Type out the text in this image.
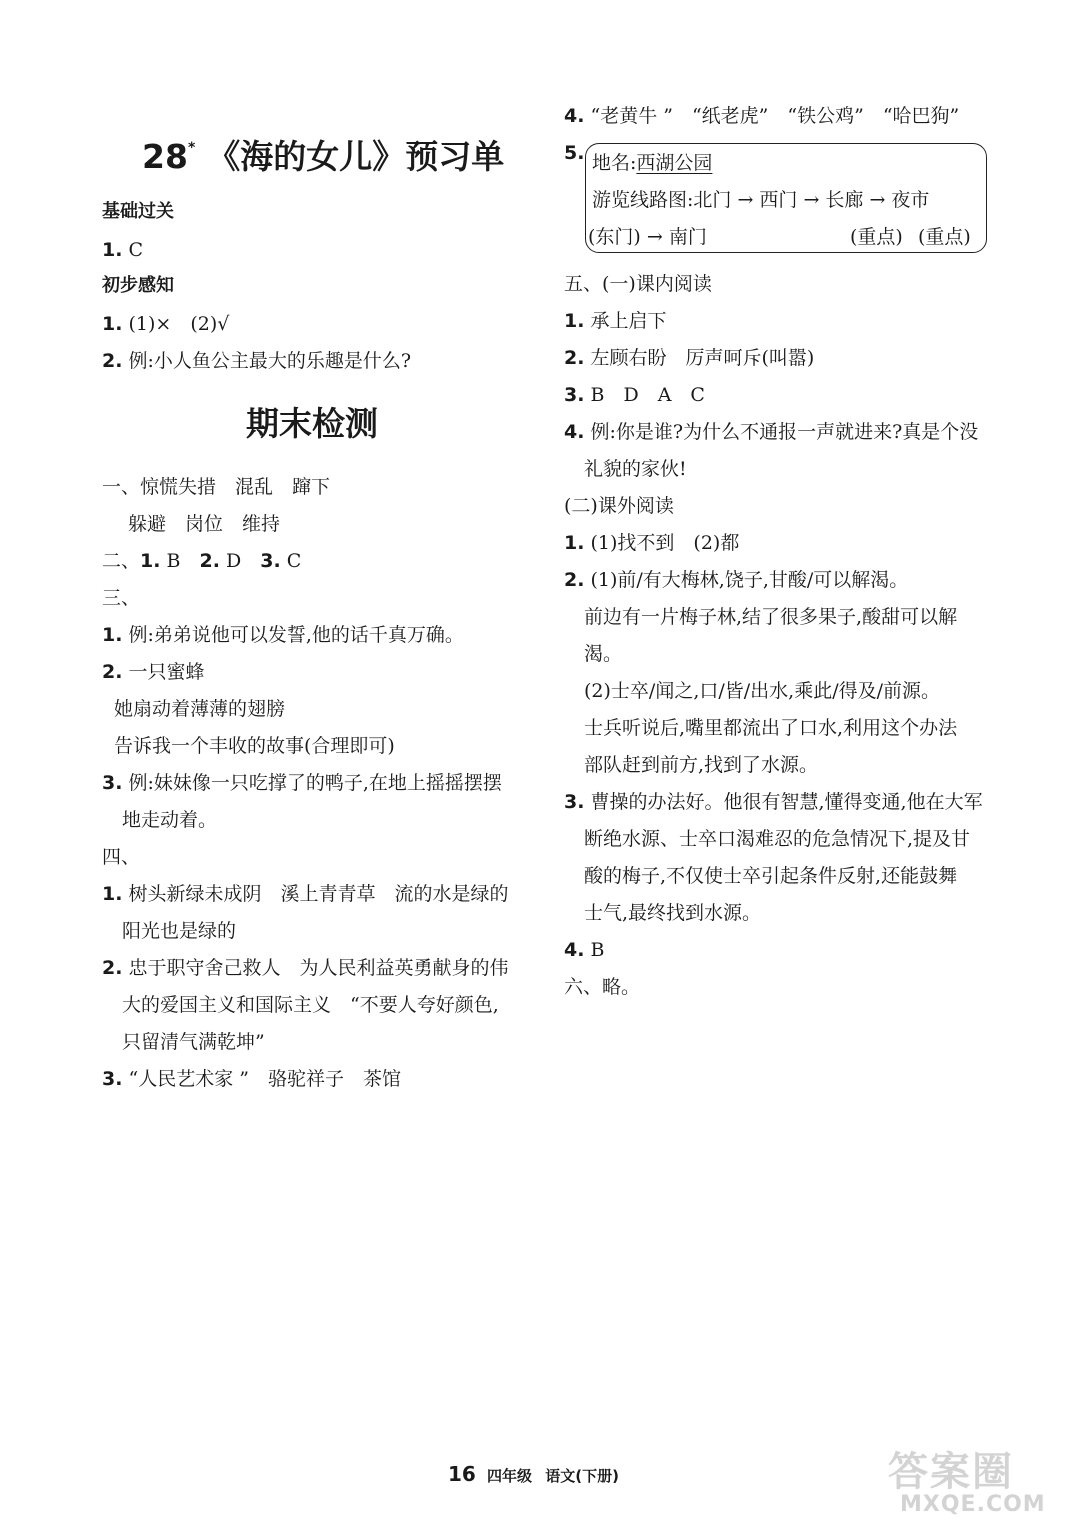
28* 《海的女儿》预习单
基础过关
1. C
初步感知
1. (1)×　(2)√
2. 例:小人鱼公主最大的乐趣是什么?
期末检测
一、惊慌失措　混乱　蹿下
躲避　岗位　维持
二、1. B　2. D　3. C
三、
1. 例:弟弟说他可以发誓,他的话千真万确。
2. 一只蜜蜂
她扇动着薄薄的翅膀
告诉我一个丰收的故事(合理即可)
3. 例:妹妹像一只吃撑了的鸭子,在地上摇摇摆摆
地走动着。
四、
1. 树头新绿未成阴　溪上青青草　流的水是绿的
阳光也是绿的
2. 忠于职守舍己救人　为人民利益英勇献身的伟
大的爱国主义和国际主义　“不要人夸好颜色,
只留清气满乾坤”
3. “人民艺术家 ”　骆驼祥子　茶馆
4. “老黄牛 ”　“纸老虎”　“铁公鸡”　“哈巴狗”
5. 地名:西湖公园
游览线路图:北门 → 西门 → 长廊 → 夜市
(东门) → 南门	(重点) (重点)
五、(一)课内阅读
1. 承上启下
2. 左顾右盼　厉声呵斥(叫嚣)
3. B　D　A　C
4. 例:你是谁?为什么不通报一声就进来?真是个没
礼貌的家伙!
(二)课外阅读
1. (1)找不到　(2)都
2. (1)前/有大梅林,饶子,甘酸/可以解渴。
前边有一片梅子林,结了很多果子,酸甜可以解
渴。
(2)士卒/闻之,口/皆/出水,乘此/得及/前源。
士兵听说后,嘴里都流出了口水,利用这个办法
部队赶到前方,找到了水源。
3. 曹操的办法好。他很有智慧,懂得变通,他在大军
断绝水源、士卒口渴难忍的危急情况下,提及甘
酸的梅子,不仅使士卒引起条件反射,还能鼓舞
士气,最终找到水源。
4. B
六、略。
16 四年级 语文(下册)	答案圈
MXQE.COM
